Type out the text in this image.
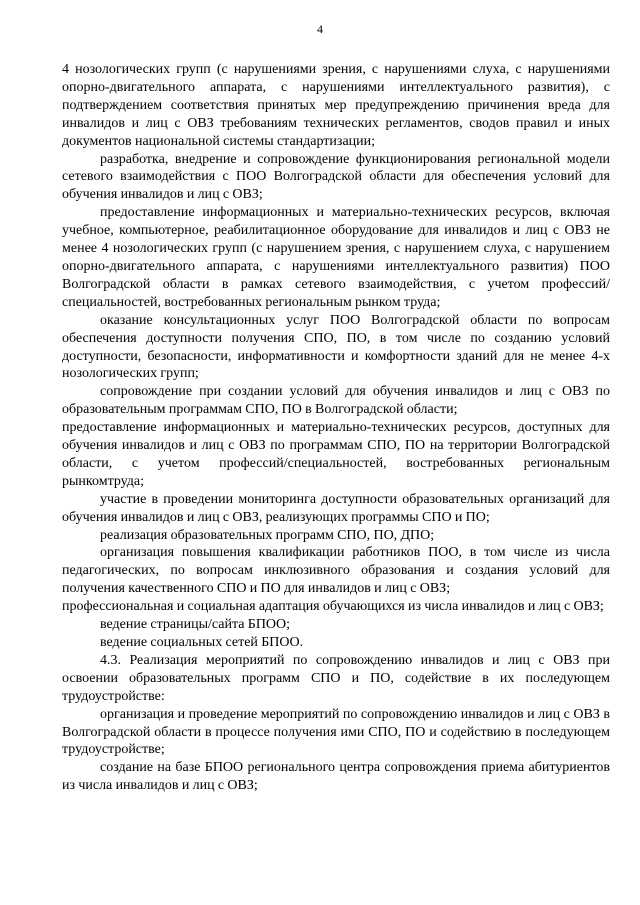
4

4 нозологических групп (с нарушениями зрения, с нарушениями слуха, с нарушениями опорно-двигательного аппарата, с нарушениями интеллектуального развития), с подтверждением соответствия принятых мер предупреждению причинения вреда для инвалидов и лиц с ОВЗ требованиям технических регламентов, сводов правил и иных документов национальной системы стандартизации;

разработка, внедрение и сопровождение функционирования региональной модели сетевого взаимодействия с ПОО Волгоградской области для обеспечения условий для обучения инвалидов и лиц с ОВЗ;

предоставление информационных и материально-технических ресурсов, включая учебное, компьютерное, реабилитационное оборудование для инвалидов и лиц с ОВЗ не менее 4 нозологических групп (с нарушением зрения, с нарушением слуха, с нарушением опорно-двигательного аппарата, с нарушениями интеллектуального развития) ПОО Волгоградской области в рамках сетевого взаимодействия, с учетом профессий/специальностей, востребованных региональным рынком труда;

оказание консультационных услуг ПОО Волгоградской области по вопросам обеспечения доступности получения СПО, ПО, в том числе по созданию условий доступности, безопасности, информативности и комфортности зданий для не менее 4-х нозологических групп;

сопровождение при создании условий для обучения инвалидов и лиц с ОВЗ по образовательным программам СПО, ПО в Волгоградской области;

предоставление информационных и материально-технических ресурсов, доступных для обучения инвалидов и лиц с ОВЗ по программам СПО, ПО на территории Волгоградской области, с учетом профессий/специальностей, востребованных региональным рынкомтруда;

участие в проведении мониторинга доступности образовательных организаций для обучения инвалидов и лиц с ОВЗ, реализующих программы СПО и ПО;

реализация образовательных программ СПО, ПО, ДПО;

организация повышения квалификации работников ПОО, в том числе из числа педагогических, по вопросам инклюзивного образования и создания условий для получения качественного СПО и ПО для инвалидов и лиц с ОВЗ;

профессиональная и социальная адаптация обучающихся из числа инвалидов и лиц с ОВЗ;

ведение страницы/сайта БПОО;

ведение социальных сетей БПОО.

4.3. Реализация мероприятий по сопровождению инвалидов и лиц с ОВЗ при освоении образовательных программ СПО и ПО, содействие в их последующем трудоустройстве:

организация и проведение мероприятий по сопровождению инвалидов и лиц с ОВЗ в Волгоградской области в процессе получения ими СПО, ПО и содействию в последующем трудоустройстве;

создание на базе БПОО регионального центра сопровождения приема абитуриентов из числа инвалидов и лиц с ОВЗ;
